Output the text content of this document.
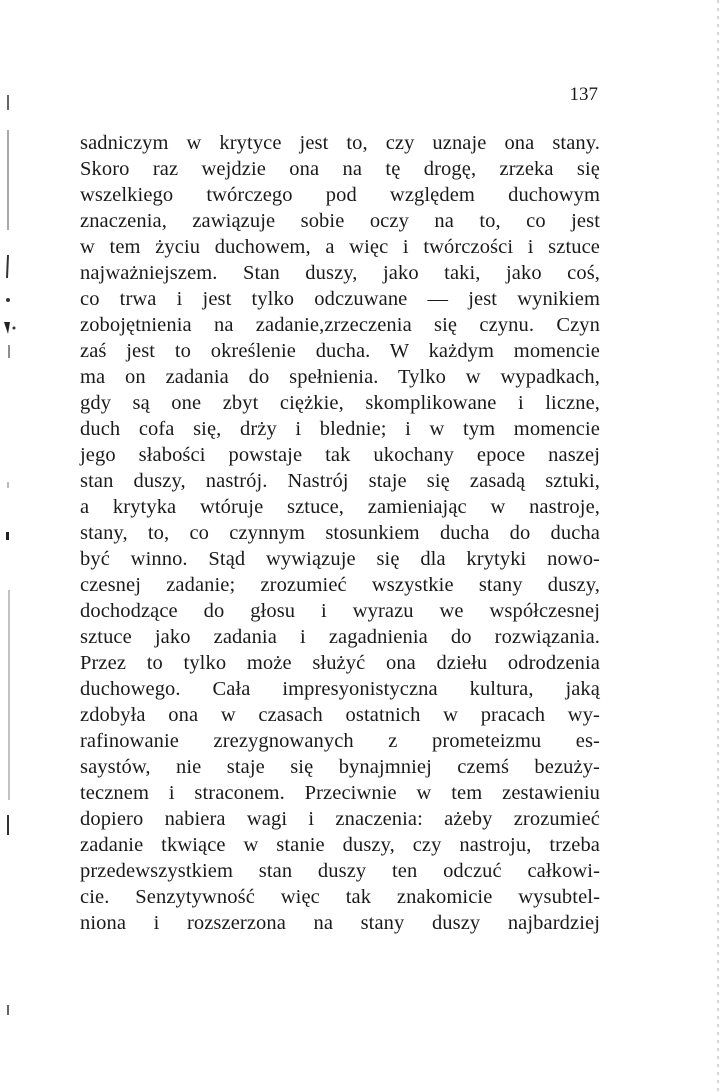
137
sadniczym w krytyce jest to, czy uznaje ona stany.
Skoro raz wejdzie ona na tę drogę, zrzeka się
wszelkiego twórczego pod względem duchowym
znaczenia, zawiązuje sobie oczy na to, co jest
w tem życiu duchowem, a więc i twórczości i sztuce
najważniejszem. Stan duszy, jako taki, jako coś,
co trwa i jest tylko odczuwane — jest wynikiem
zobojętnienia na zadanie,zrzeczenia się czynu. Czyn
zaś jest to określenie ducha. W każdym momencie
ma on zadania do spełnienia. Tylko w wypadkach,
gdy są one zbyt ciężkie, skomplikowane i liczne,
duch cofa się, drży i blednie; i w tym momencie
jego słabości powstaje tak ukochany epoce naszej
stan duszy, nastrój. Nastrój staje się zasadą sztuki,
a krytyka wtóruje sztuce, zamieniając w nastroje,
stany, to, co czynnym stosunkiem ducha do ducha
być winno. Stąd wywiązuje się dla krytyki nowo-
czesnej zadanie; zrozumieć wszystkie stany duszy,
dochodzące do głosu i wyrazu we współczesnej
sztuce jako zadania i zagadnienia do rozwiązania.
Przez to tylko może służyć ona dziełu odrodzenia
duchowego. Cała impresyonistyczna kultura, jaką
zdobyła ona w czasach ostatnich w pracach wy-
rafinowanie zrezygnowanych z prometeizmu es-
saystów, nie staje się bynajmniej czemś bezuży-
tecznem i straconem. Przeciwnie w tem zestawieniu
dopiero nabiera wagi i znaczenia: ażeby zrozumieć
zadanie tkwiące w stanie duszy, czy nastroju, trzeba
przedewszystkiem stan duszy ten odczuć całkowi-
cie. Senzytywność więc tak znakomicie wysubtel-
niona i rozszerzona na stany duszy najbardziej
